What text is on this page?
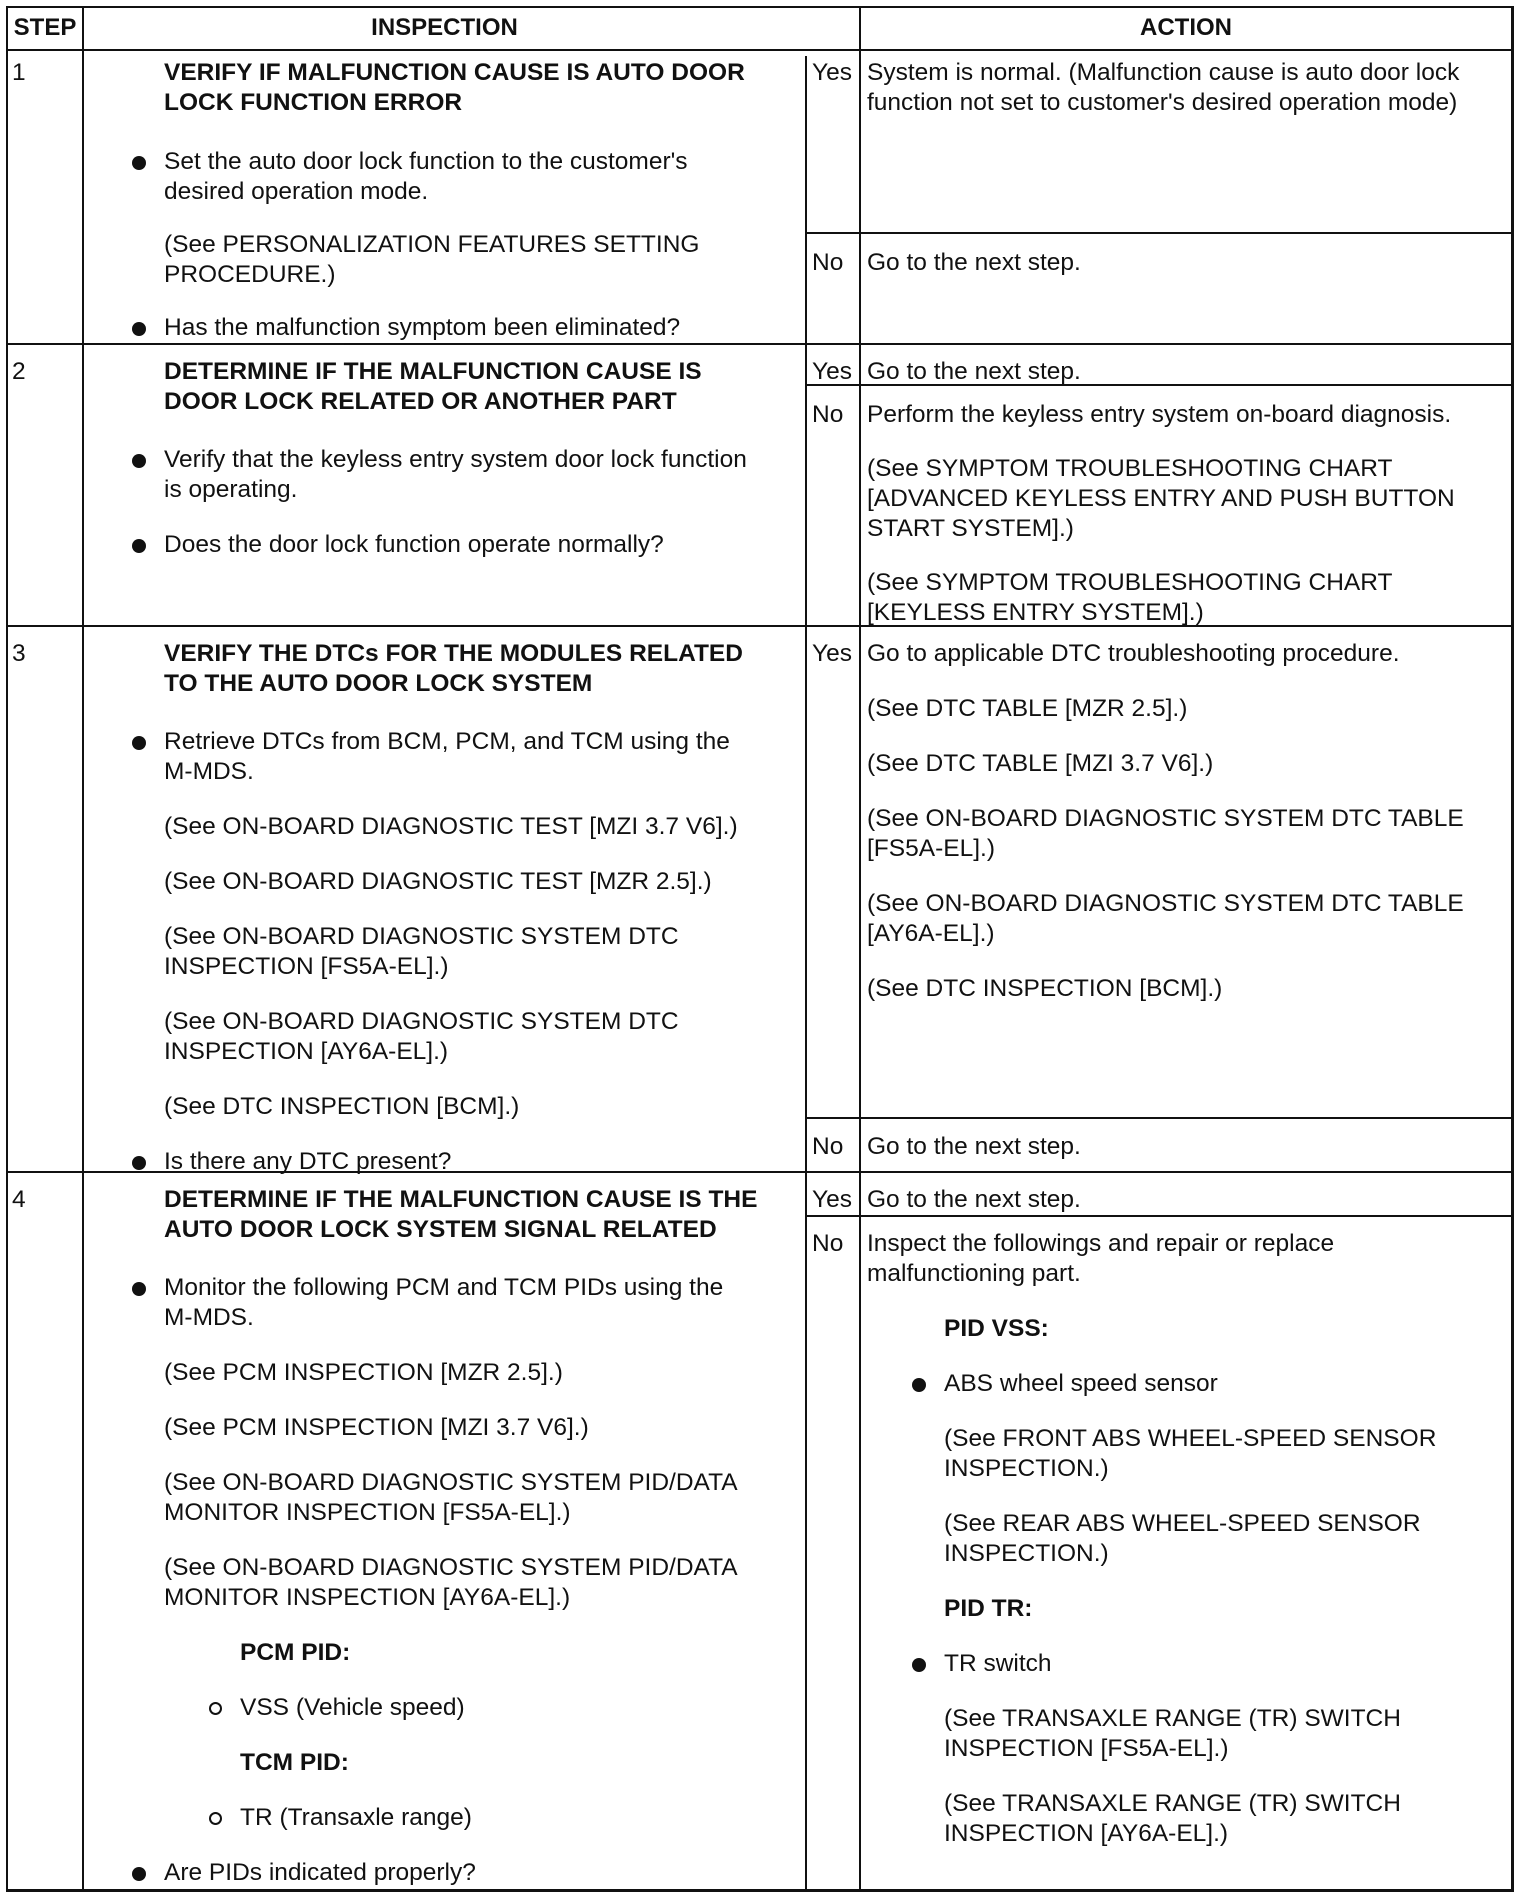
STEP	INSPECTION	ACTION
1	VERIFY IF MALFUNCTION CAUSE IS AUTO DOOR
LOCK FUNCTION ERROR
Set the auto door lock function to the customer's
desired operation mode.
(See PERSONALIZATION FEATURES SETTING
PROCEDURE.)
Has the malfunction symptom been eliminated?
Yes System is normal. (Malfunction cause is auto door lock
function not set to customer's desired operation mode)
No Go to the next step.
2	DETERMINE IF THE MALFUNCTION CAUSE IS
DOOR LOCK RELATED OR ANOTHER PART
Verify that the keyless entry system door lock function
is operating.
Does the door lock function operate normally?
Yes Go to the next step.
No Perform the keyless entry system on-board diagnosis.
(See SYMPTOM TROUBLESHOOTING CHART
[ADVANCED KEYLESS ENTRY AND PUSH BUTTON
START SYSTEM].)
(See SYMPTOM TROUBLESHOOTING CHART
[KEYLESS ENTRY SYSTEM].)
3	VERIFY THE DTCs FOR THE MODULES RELATED
TO THE AUTO DOOR LOCK SYSTEM
Retrieve DTCs from BCM, PCM, and TCM using the
M-MDS.
(See ON-BOARD DIAGNOSTIC TEST [MZI 3.7 V6].)
(See ON-BOARD DIAGNOSTIC TEST [MZR 2.5].)
(See ON-BOARD DIAGNOSTIC SYSTEM DTC
INSPECTION [FS5A-EL].)
(See ON-BOARD DIAGNOSTIC SYSTEM DTC
INSPECTION [AY6A-EL].)
(See DTC INSPECTION [BCM].)
Is there any DTC present?
Yes Go to applicable DTC troubleshooting procedure.
(See DTC TABLE [MZR 2.5].)
(See DTC TABLE [MZI 3.7 V6].)
(See ON-BOARD DIAGNOSTIC SYSTEM DTC TABLE
[FS5A-EL].)
(See ON-BOARD DIAGNOSTIC SYSTEM DTC TABLE
[AY6A-EL].)
(See DTC INSPECTION [BCM].)
No Go to the next step.
4	DETERMINE IF THE MALFUNCTION CAUSE IS THE
AUTO DOOR LOCK SYSTEM SIGNAL RELATED
Monitor the following PCM and TCM PIDs using the
M-MDS.
(See PCM INSPECTION [MZR 2.5].)
(See PCM INSPECTION [MZI 3.7 V6].)
(See ON-BOARD DIAGNOSTIC SYSTEM PID/DATA
MONITOR INSPECTION [FS5A-EL].)
(See ON-BOARD DIAGNOSTIC SYSTEM PID/DATA
MONITOR INSPECTION [AY6A-EL].)
PCM PID:
VSS (Vehicle speed)
TCM PID:
TR (Transaxle range)
Are PIDs indicated properly?
Yes Go to the next step.
No Inspect the followings and repair or replace
malfunctioning part.
PID VSS:
ABS wheel speed sensor
(See FRONT ABS WHEEL-SPEED SENSOR
INSPECTION.)
(See REAR ABS WHEEL-SPEED SENSOR
INSPECTION.)
PID TR:
TR switch
(See TRANSAXLE RANGE (TR) SWITCH
INSPECTION [FS5A-EL].)
(See TRANSAXLE RANGE (TR) SWITCH
INSPECTION [AY6A-EL].)
